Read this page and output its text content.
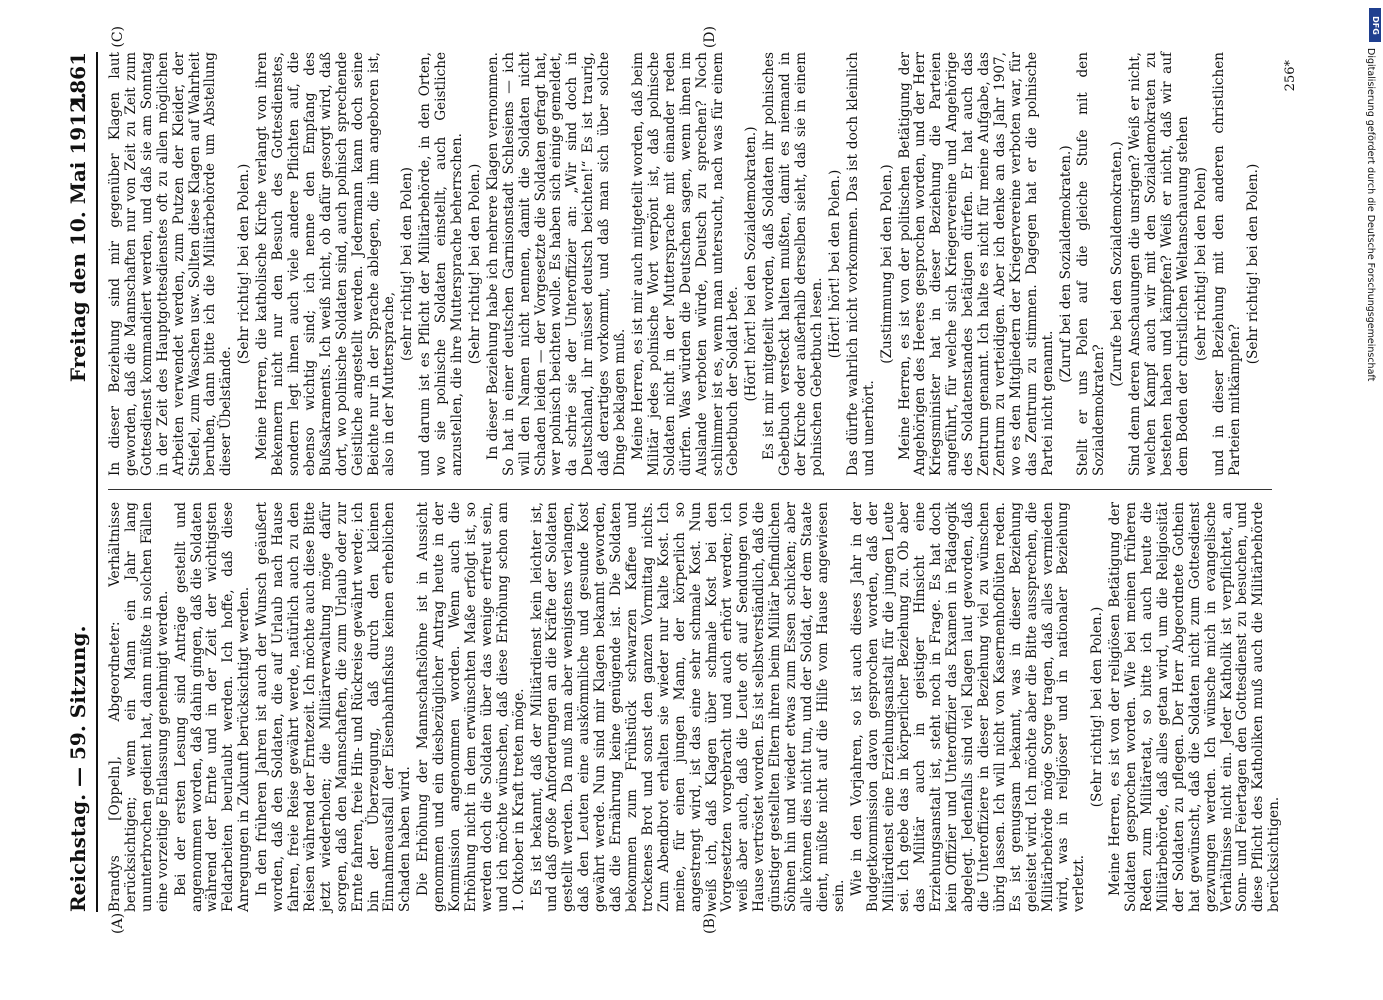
Reichstag. — 59. Sitzung.
Freitag den 10. Mai 1912.
1861
(A)	(B)
(C)	(D)

Brandys [Oppeln], Abgeordneter: Verhältnisse berücksichtigen; wenn ein Mann ein Jahr lang ununterbrochen gedient hat, dann müßte in solchen Fällen eine vorzeitige Entlassung genehmigt werden. Bei der ersten Lesung sind Anträge gestellt und angenommen worden, daß dahin gingen, daß die Soldaten während der Ernte und in der Zeit der wichtigsten Feldarbeiten beurlaubt werden. Ich hoffe, daß diese Anregungen in Zukunft berücksichtigt werden. In den früheren Jahren ist auch der Wunsch geäußert worden, daß den Soldaten, die auf Urlaub nach Hause fahren, freie Reise gewährt werde, natürlich auch zu den Reisen während der Erntezeit. Ich möchte auch diese Bitte jetzt wiederholen; die Militärverwaltung möge dafür sorgen, daß den Mannschaften, die zum Urlaub oder zur Ernte fahren, freie Hin- und Rückreise gewährt werde; ich bin der Überzeugung, daß durch den kleinen Einnahmeausfall der Eisenbahnfiskus keinen erheblichen Schaden haben wird. Die Erhöhung der Mannschaftslöhne ist in Aussicht genommen und ein diesbezüglicher Antrag heute in der Kommission angenommen worden. Wenn auch die Erhöhung nicht in dem erwünschten Maße erfolgt ist, so werden doch die Soldaten über das wenige erfreut sein, und ich möchte wünschen, daß diese Erhöhung schon am 1. Oktober in Kraft treten möge. Es ist bekannt, daß der Militärdienst kein leichter ist, und daß große Anforderungen an die Kräfte der Soldaten gestellt werden. Da muß man aber wenigstens verlangen, daß den Leuten eine auskömmliche und gesunde Kost gewährt werde. Nun sind mir Klagen bekannt geworden, daß die Ernährung keine genügende ist. Die Soldaten bekommen zum Frühstück schwarzen Kaffee und trockenes Brot und sonst den ganzen Vormittag nichts. Zum Abendbrot erhalten sie wieder nur kalte Kost. Ich meine, für einen jungen Mann, der körperlich so angestrengt wird, ist das eine sehr schmale Kost. Nun weiß ich, daß Klagen über schmale Kost bei den Vorgesetzten vorgebracht und auch erhört werden; ich weiß aber auch, daß die Leute oft auf Sendungen von Hause vertröstet worden. Es ist selbstverständlich, daß die günstiger gestellten Eltern ihren beim Militär befindlichen Söhnen hin und wieder etwas zum Essen schicken; aber alle können dies nicht tun, und der Soldat, der dem Staate dient, müßte nicht auf die Hilfe vom Hause angewiesen sein. Wie in den Vorjahren, so ist auch dieses Jahr in der Budgetkommission davon gesprochen worden, daß der Militärdienst eine Erziehungsanstalt für die jungen Leute sei. Ich gebe das in körperlicher Beziehung zu. Ob aber das Militär auch in geistiger Hinsicht eine Erziehungsanstalt ist, steht noch in Frage. Es hat doch kein Offizier und Unteroffizier das Examen in Pädagogik abgelegt. Jedenfalls sind viel Klagen laut geworden, daß die Unteroffiziere in dieser Beziehung viel zu wünschen übrig lassen. Ich will nicht von Kasernenhofblüten reden. Es ist genugsam bekannt, was in dieser Beziehung geleistet wird. Ich möchte aber die Bitte aussprechen, die Militärbehörde möge Sorge tragen, daß alles vermieden wird, was in religiöser und in nationaler Beziehung verletzt.

(Sehr richtig! bei den Polen.) Meine Herren, es ist von der religiösen Betätigung der Soldaten gesprochen worden. Wie bei meinen früheren Reden zum Militäretat, so bitte ich auch heute die Militärbehörde, daß alles getan wird, um die Religiosität der Soldaten zu pflegen. Der Herr Abgeordnete Gothein hat gewünscht, daß die Soldaten nicht zum Gottesdienst gezwungen werden. Ich wünsche mich in evangelische Verhältnisse nicht ein. Jeder Katholik ist verpflichtet, an Sonn- und Feiertagen den Gottesdienst zu besuchen, und diese Pflicht des Katholiken muß auch die Militärbehörde berücksichtigen.

In dieser Beziehung sind mir gegenüber Klagen laut geworden, daß die Mannschaften nur von Zeit zu Zeit zum Gottesdienst kommandiert werden, und daß sie am Sonntag in der Zeit des Hauptgottesdienstes oft zu allen möglichen Arbeiten verwendet werden, zum Putzen der Kleider, der Stiefel, zum Waschen usw. Sollten diese Klagen auf Wahrheit beruhen, dann bitte ich die Militärbehörde um Abstellung dieser Übelstände.

(Sehr richtig! bei den Polen.) Meine Herren, die katholische Kirche verlangt von ihren Bekennern nicht nur den Besuch des Gottesdienstes, sondern legt ihnen auch viele andere Pflichten auf, die ebenso wichtig sind; ich nenne den Empfang des Bußsakraments. Ich weiß nicht, ob dafür gesorgt wird, daß dort, wo polnische Soldaten sind, auch polnisch sprechende Geistliche angestellt werden. Jedermann kann doch seine Beichte nur in der Sprache ablegen, die ihm angeboren ist, also in der Muttersprache,

(sehr richtig! bei den Polen) und darum ist es Pflicht der Militärbehörde, in den Orten, wo sie polnische Soldaten einstellt, auch Geistliche anzustellen, die ihre Muttersprache beherrschen. (Sehr richtig! bei den Polen.) In dieser Beziehung habe ich mehrere Klagen vernommen. So hat in einer deutschen Garnisonstadt Schlesiens — ich will den Namen nicht nennen, damit die Soldaten nicht Schaden leiden — der Vorgesetzte die Soldaten gefragt hat, wer polnisch beichten wolle. Es haben sich einige gemeldet, da schrie sie der Unteroffizier an: „Wir sind doch in Deutschland, ihr müsset deutsch beichten!“ Es ist traurig, daß derartiges vorkommt, und daß man sich über solche Dinge beklagen muß. Meine Herren, es ist mir auch mitgeteilt worden, daß beim Militär jedes polnische Wort verpönt ist, daß polnische Soldaten nicht in der Muttersprache mit einander reden dürfen. Was würden die Deutschen sagen, wenn ihnen im Auslande verboten würde, Deutsch zu sprechen? Noch schlimmer ist es, wenn man untersucht, nach was für einem Gebetbuch der Soldat bete. (Hört! hört! bei den Sozialdemokraten.) Es ist mir mitgeteilt worden, daß Soldaten ihr polnisches Gebetbuch versteckt halten mußten, damit es niemand in der Kirche oder außerhalb derselben sieht, daß sie in einem polnischen Gebetbuch lesen.

(Hört! hört! bei den Polen.) Das dürfte wahrlich nicht vorkommen. Das ist doch kleinlich und unerhört.

(Zustimmung bei den Polen.) Meine Herren, es ist von der politischen Betätigung der Angehörigen des Heeres gesprochen worden, und der Herr Kriegsminister hat in dieser Beziehung die Parteien angeführt, für welche sich Kriegervereine und Angehörige des Soldatenstandes betätigen dürfen. Er hat auch das Zentrum genannt. Ich halte es nicht für meine Aufgabe, das Zentrum zu verteidigen. Aber ich denke an das Jahr 1907, wo es den Mitgliedern der Kriegervereine verboten war, für das Zentrum zu stimmen. Dagegen hat er die polnische Partei nicht genannt.

(Zuruf bei den Sozialdemokraten.) Stellt er uns Polen auf die gleiche Stufe mit den Sozialdemokraten?

(Zurufe bei den Sozialdemokraten.) Sind denn deren Anschauungen die unsrigen? Weiß er nicht, welchen Kampf auch wir mit den Sozialdemokraten zu bestehen haben und kämpfen? Weiß er nicht, daß wir auf dem Boden der christlichen Weltanschauung stehen (sehr richtig! bei den Polen) und in dieser Beziehung mit den anderen christlichen Parteien mitkämpfen?

(Sehr richtig! bei den Polen.)

256*
DFG
Digitalisierung gefördert durch die Deutsche Forschungsgemeinschaft
